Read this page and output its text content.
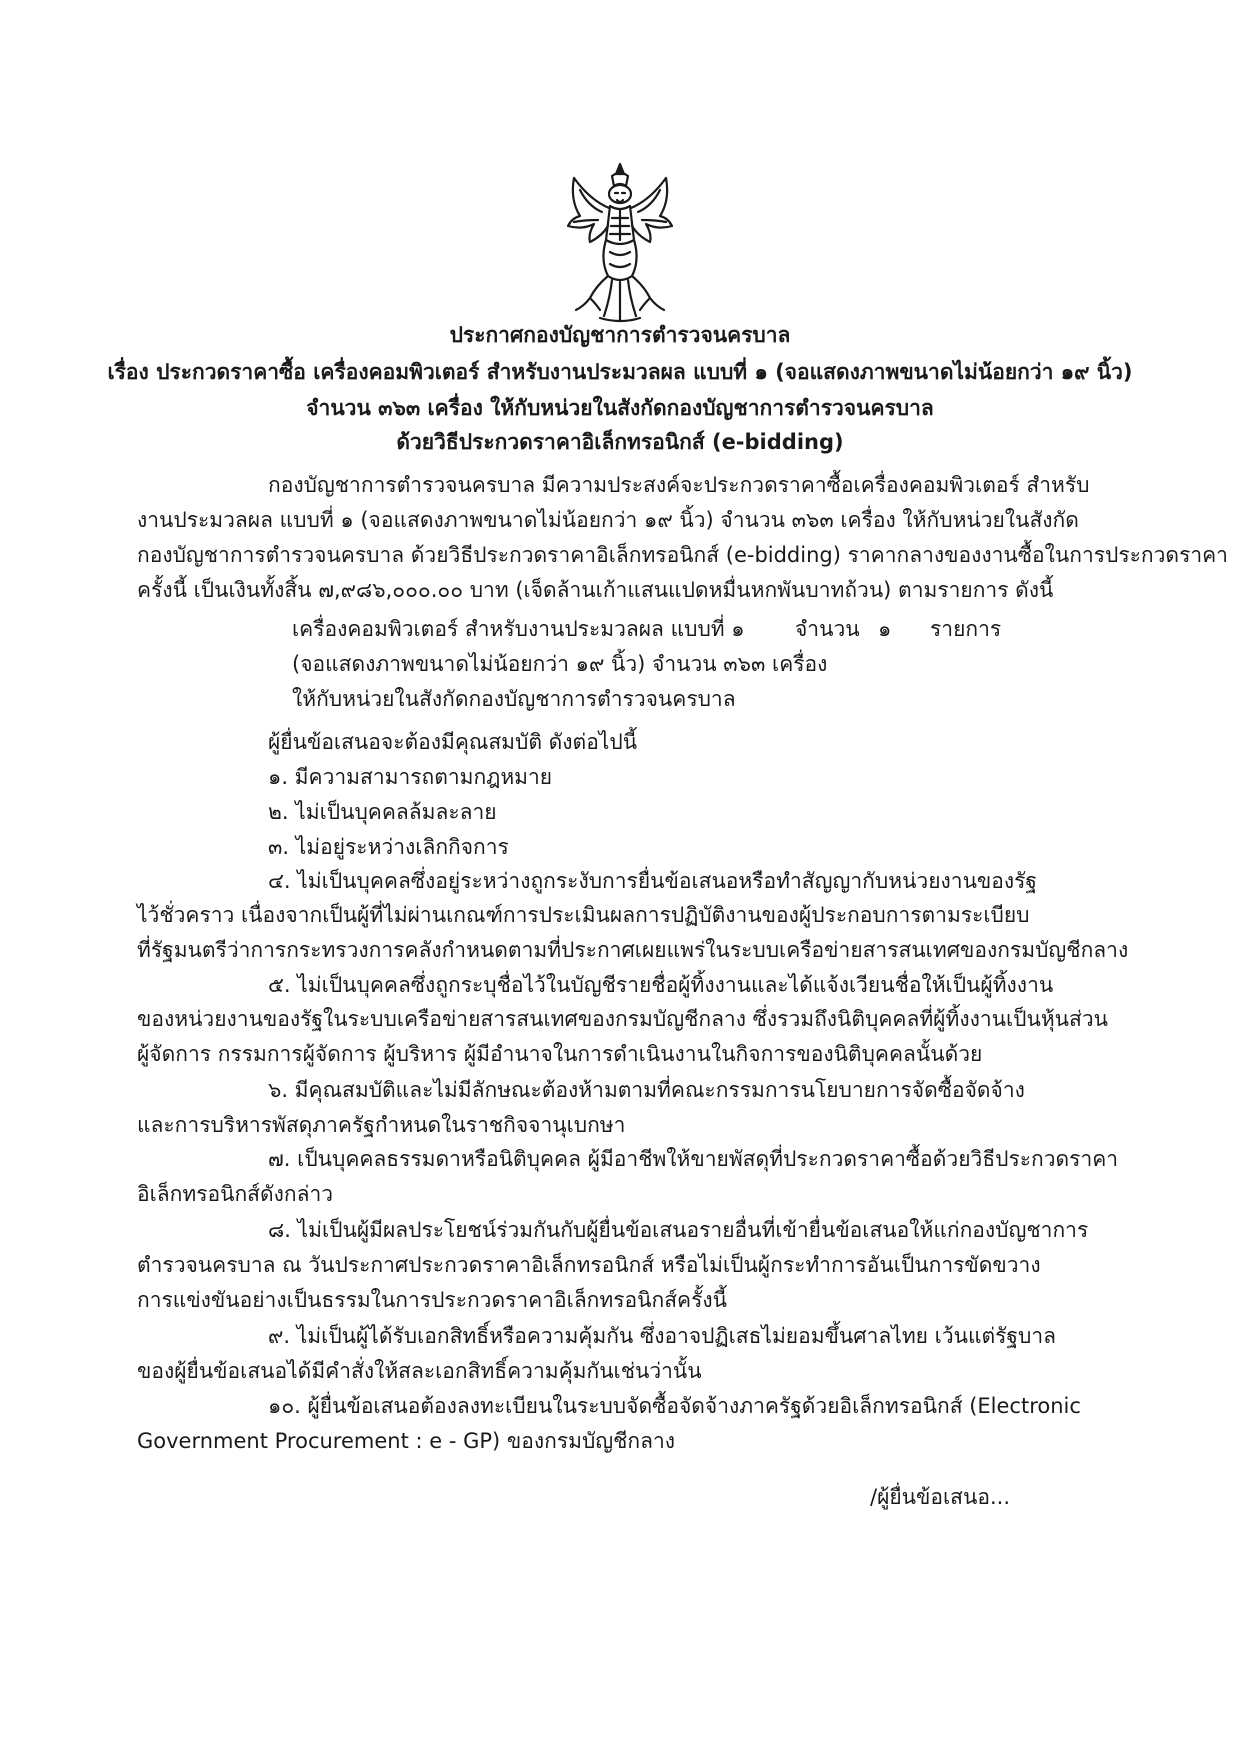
ประกาศกองบัญชาการตำรวจนครบาล
เรื่อง ประกวดราคาซื้อ เครื่องคอมพิวเตอร์ สำหรับงานประมวลผล แบบที่ ๑ (จอแสดงภาพขนาดไม่น้อยกว่า ๑๙ นิ้ว)
จำนวน ๓๖๓ เครื่อง ให้กับหน่วยในสังกัดกองบัญชาการตำรวจนครบาล
ด้วยวิธีประกวดราคาอิเล็กทรอนิกส์ (e-bidding)
กองบัญชาการตำรวจนครบาล มีความประสงค์จะประกวดราคาซื้อเครื่องคอมพิวเตอร์ สำหรับ
งานประมวลผล แบบที่ ๑ (จอแสดงภาพขนาดไม่น้อยกว่า ๑๙ นิ้ว) จำนวน ๓๖๓ เครื่อง ให้กับหน่วยในสังกัด
กองบัญชาการตำรวจนครบาล ด้วยวิธีประกวดราคาอิเล็กทรอนิกส์ (e-bidding) ราคากลางของงานซื้อในการประกวดราคา
ครั้งนี้ เป็นเงินทั้งสิ้น ๗,๙๘๖,๐๐๐.๐๐ บาท (เจ็ดล้านเก้าแสนแปดหมื่นหกพันบาทถ้วน) ตามรายการ ดังนี้
เครื่องคอมพิวเตอร์ สำหรับงานประมวลผล แบบที่ ๑ จำนวน ๑ รายการ
(จอแสดงภาพขนาดไม่น้อยกว่า ๑๙ นิ้ว) จำนวน ๓๖๓ เครื่อง
ให้กับหน่วยในสังกัดกองบัญชาการตำรวจนครบาล
ผู้ยื่นข้อเสนอจะต้องมีคุณสมบัติ ดังต่อไปนี้
๑. มีความสามารถตามกฎหมาย
๒. ไม่เป็นบุคคลล้มละลาย
๓. ไม่อยู่ระหว่างเลิกกิจการ
๔. ไม่เป็นบุคคลซึ่งอยู่ระหว่างถูกระงับการยื่นข้อเสนอหรือทำสัญญากับหน่วยงานของรัฐ
ไว้ชั่วคราว เนื่องจากเป็นผู้ที่ไม่ผ่านเกณฑ์การประเมินผลการปฏิบัติงานของผู้ประกอบการตามระเบียบ
ที่รัฐมนตรีว่าการกระทรวงการคลังกำหนดตามที่ประกาศเผยแพร่ในระบบเครือข่ายสารสนเทศของกรมบัญชีกลาง
๕. ไม่เป็นบุคคลซึ่งถูกระบุชื่อไว้ในบัญชีรายชื่อผู้ทิ้งงานและได้แจ้งเวียนชื่อให้เป็นผู้ทิ้งงาน
ของหน่วยงานของรัฐในระบบเครือข่ายสารสนเทศของกรมบัญชีกลาง ซึ่งรวมถึงนิติบุคคลที่ผู้ทิ้งงานเป็นหุ้นส่วน
ผู้จัดการ กรรมการผู้จัดการ ผู้บริหาร ผู้มีอำนาจในการดำเนินงานในกิจการของนิติบุคคลนั้นด้วย
๖. มีคุณสมบัติและไม่มีลักษณะต้องห้ามตามที่คณะกรรมการนโยบายการจัดซื้อจัดจ้าง
และการบริหารพัสดุภาครัฐกำหนดในราชกิจจานุเบกษา
๗. เป็นบุคคลธรรมดาหรือนิติบุคคล ผู้มีอาชีพให้ขายพัสดุที่ประกวดราคาซื้อด้วยวิธีประกวดราคา
อิเล็กทรอนิกส์ดังกล่าว
๘. ไม่เป็นผู้มีผลประโยชน์ร่วมกันกับผู้ยื่นข้อเสนอรายอื่นที่เข้ายื่นข้อเสนอให้แก่กองบัญชาการ
ตำรวจนครบาล ณ วันประกาศประกวดราคาอิเล็กทรอนิกส์ หรือไม่เป็นผู้กระทำการอันเป็นการขัดขวาง
การแข่งขันอย่างเป็นธรรมในการประกวดราคาอิเล็กทรอนิกส์ครั้งนี้
๙. ไม่เป็นผู้ได้รับเอกสิทธิ์หรือความคุ้มกัน ซึ่งอาจปฏิเสธไม่ยอมขึ้นศาลไทย เว้นแต่รัฐบาล
ของผู้ยื่นข้อเสนอได้มีคำสั่งให้สละเอกสิทธิ์ความคุ้มกันเช่นว่านั้น
๑๐. ผู้ยื่นข้อเสนอต้องลงทะเบียนในระบบจัดซื้อจัดจ้างภาครัฐด้วยอิเล็กทรอนิกส์ (Electronic
Government Procurement : e - GP) ของกรมบัญชีกลาง
/ผู้ยื่นข้อเสนอ...
